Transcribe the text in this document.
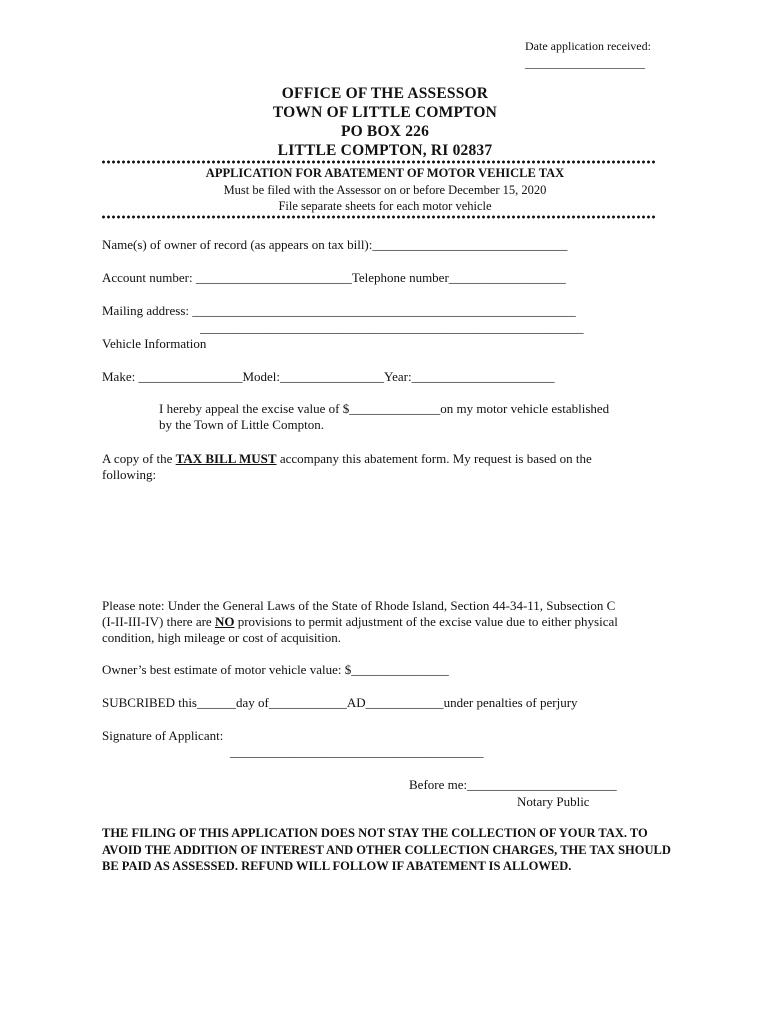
Date application received:
____________________
OFFICE OF THE ASSESSOR
TOWN OF LITTLE COMPTON
PO BOX 226
LITTLE COMPTON, RI 02837
APPLICATION FOR ABATEMENT OF MOTOR VEHICLE TAX
Must be filed with the Assessor on or before December 15, 2020
File separate sheets for each motor vehicle
Name(s) of owner of record (as appears on tax bill):______________________________
Account number: ________________________Telephone number__________________
Mailing address: ___________________________________________________________
___________________________________________________________
Vehicle Information
Make: ________________Model:________________Year:______________________
I hereby appeal the excise value of $______________on my motor vehicle established
by the Town of Little Compton.
A copy of the TAX BILL MUST accompany this abatement form. My request is based on the
following:
Please note: Under the General Laws of the State of Rhode Island, Section 44-34-11, Subsection C
(I-II-III-IV) there are NO provisions to permit adjustment of the excise value due to either physical
condition, high mileage or cost of acquisition.
Owner’s best estimate of motor vehicle value: $_______________
SUBCRIBED this______day of____________AD____________under penalties of perjury
Signature of Applicant:
_______________________________________
Before me:_______________________
Notary Public
THE FILING OF THIS APPLICATION DOES NOT STAY THE COLLECTION OF YOUR TAX. TO AVOID THE ADDITION OF INTEREST AND OTHER COLLECTION CHARGES, THE TAX SHOULD BE PAID AS ASSESSED. REFUND WILL FOLLOW IF ABATEMENT IS ALLOWED.
